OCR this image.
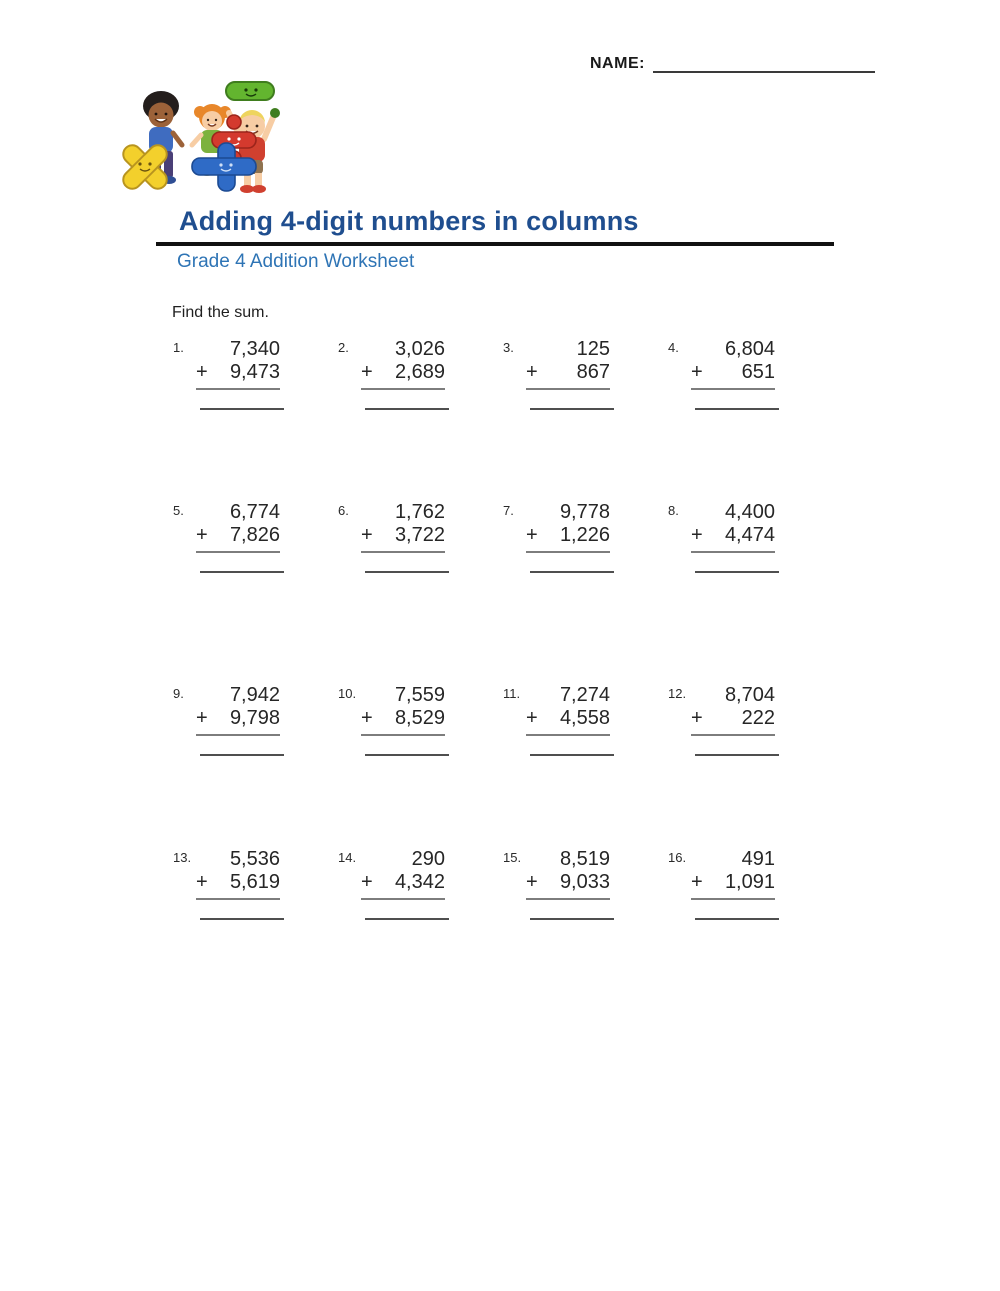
NAME:
Adding 4-digit numbers in columns
Grade 4 Addition Worksheet
Find the sum.
1.	7,340
+ 9,473
2.	3,026
+ 2,689
3.	125
+ 867
4.	6,804
+ 651
5.	6,774
+ 7,826
6.	1,762
+ 3,722
7.	9,778
+ 1,226
8.	4,400
+ 4,474
9.	7,942
+ 9,798
10.	7,559
+ 8,529
11.	7,274
+ 4,558
12.	8,704
+ 222
13.	5,536
+ 5,619
14.	290
+ 4,342
15.	8,519
+ 9,033
16.	491
+ 1,091
